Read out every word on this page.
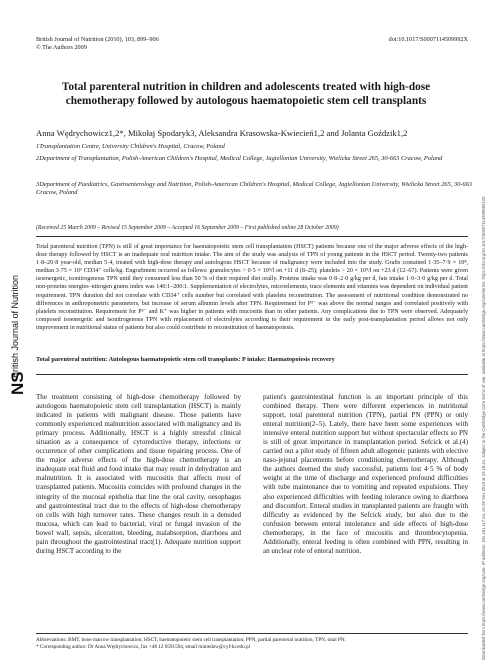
British Journal of Nutrition (2010), 103, 899–906
© The Authors 2009
doi:10.1017/S0007114509992X
Total parenteral nutrition in children and adolescents treated with high-dose chemotherapy followed by autologous haematopoietic stem cell transplants
Anna Wędrychowicz1,2*, Mikołaj Spodaryk3, Aleksandra Krasowska-Kwiecień1,2 and Jolanta Goździk1,2
1Transplantation Centre, University Children's Hospital, Cracow, Poland
2Department of Transplantation, Polish-American Children's Hospital, Medical College, Jagiellonian University, Wielicka Street 265, 30-663 Cracow, Poland
3Department of Paediatrics, Gastroenterology and Nutrition, Polish-American Children's Hospital, Medical College, Jagiellonian University, Wielicka Street 265, 30-663 Cracow, Poland
(Received 25 March 2009 – Revised 15 September 2009 – Accepted 16 September 2009 – First published online 28 October 2009)
Total parenteral nutrition (TPN) is still of great importance for haematopoietic stem cell transplantation (HSCT) patients because one of the major adverse effects of the high-dose therapy followed by HSCT is an inadequate oral nutrition intake. The aim of the study was analysis of TPN of young patients in the HSCT period. Twenty-two patients 1·8–20·8 year-old, median 5·4, treated with high-dose therapy and autologous HSCT because of malignancy were included into the study. Grafts contained 1·35–7·9 × 10⁸, median 3·75 × 10⁶ CD34⁺ cells/kg. Engraftment occurred as follows: granulocytes > 0·5 × 10⁹/l on +11 d (8–25); platelets > 20 × 10⁹/l on +23 d (12–67). Patients were given isoenergetic, isonitrogenous TPN until they consumed less than 50 % of their required diet orally. Proteins intake was 0·8–2·0 g/kg per d, fats intake 1·0–3·0 g/kg per d. Total non-proteins energies–nitrogen grams index was 140:1–200:1. Supplementation of electrolytes, microelements, trace elements and vitamins was dependent on individual patient requirement. TPN duration did not correlate with CD34⁺ cells number but correlated with platelets reconstitution. The assessment of nutritional condition demonstrated no differences in anthropometric parameters, but increase of serum albumin levels after TPN. Requirement for P³⁻ was above the normal ranges and correlated positively with platelets reconstitution. Requirement for P³⁻ and K⁺ was higher in patients with mucositis than in other patients. Any complications due to TPN were observed. Adequately composed isoenergetic and isonitrogenous TPN with replacement of electrolytes according to their requirement in the early post-transplantation period allows not only improvement in nutritional status of patients but also could contribute to reconstitution of haematopoiesis.
Total parenteral nutrition: Autologous haematopoietic stem cell transplants: P intake: Haematopoiesis recovery

The treatment consisting of high-dose chemotherapy followed by autologous haematopoietic stem cell transplantation (HSCT) is mainly indicated in patients with malignant disease. Those patients have commonly experienced malnutrition associated with malignancy and its primary process. Additionally, HSCT is a highly stressful clinical situation as a consequence of cytoreductive therapy, infections or occurrence of other complications and tissue repairing process. One of the major adverse effects of the high-dose chemotherapy is an inadequate oral fluid and food intake that may result in dehydration and malnutrition. It is associated with mucositis that affects most of transplanted patients. Mucositis coincides with profound changes in the integrity of the mucosal epithelia that line the oral cavity, oesophagus and gastrointestinal tract due to the effects of high-dose chemotherapy on cells with high turnover rates. These changes result in a denuded mucosa, which can lead to bacterial, viral or fungal invasion of the bowel wall, sepsis, ulceration, bleeding, malabsorption, diarrhoea and pain throughout the gastrointestinal tract(1). Adequate nutrition support during HSCT according to the

patient's gastrointestinal function is an important principle of this combined therapy. There were different experiences in nutritional support, total parenteral nutrition (TPN), partial PN (PPN) or only enteral nutrition(2–5). Lately, there have been some experiences with intensive enteral nutrition support but without spectacular effects so PN is still of great importance in transplantation period. Sefcick et al.(4) carried out a pilot study of fifteen adult allogeneic patients with elective naso-jejunal placements before conditioning chemotherapy. Although the authors deemed the study successful, patients lost 4·5 % of body weight at the time of discharge and experienced profound difficulties with tube maintenance due to vomiting and repeated expulsions. They also experienced difficulties with feeding tolerance owing to diarrhoea and discomfort. Enteral studies in transplanted patients are fraught with difficulty as evidenced by the Sefcick study, but also due to the confusion between enteral intolerance and side effects of high-dose chemotherapy, in the face of mucositis and thrombocytopenia. Additionally, enteral feeding is often combined with PPN, resulting in an unclear role of enteral nutrition.

Abbreviations: BMT, bone marrow transplantation; HSCT, haematopoietic stem cell transplantation; PPN, partial parenteral nutrition; TPN, total PN.
* Corresponding author: Dr Anna Wędrychowicz, fax +48 12 6591594, email miniedzw@cyf-kr.edu.pl
NS
British Journal of Nutrition	Downloaded from https://www.cambridge.org/core. IP address: 181.181.117.54, on 09 Nov 2019 at 22:18:44, subject to the Cambridge Core terms of use, available at https://www.cambridge.org/core/terms. https://doi.org/10.1017/S000711450999242X
